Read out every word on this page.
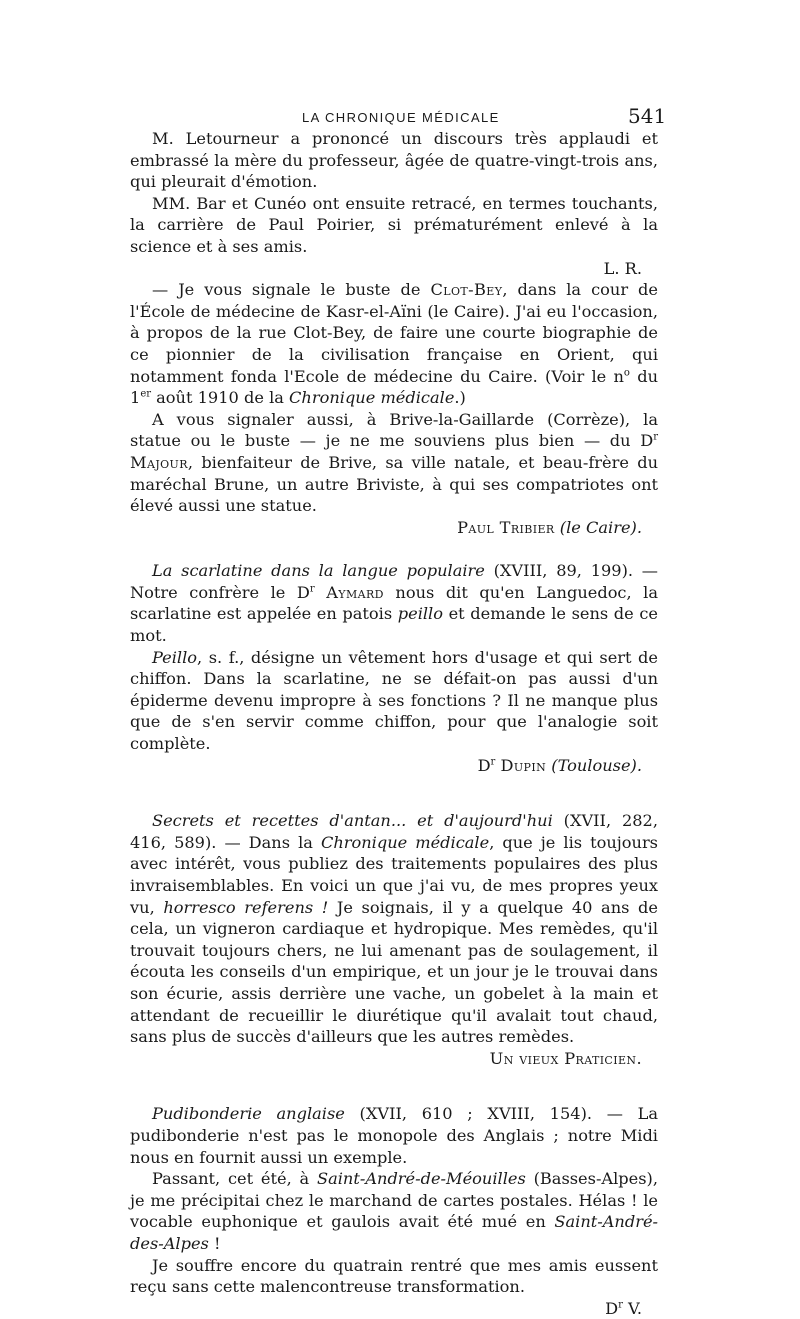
LA CHRONIQUE MÉDICALE	541

M. Letourneur a prononcé un discours très applaudi et embrassé la mère du professeur, âgée de quatre-vingt-trois ans, qui pleurait d'émotion.

MM. Bar et Cunéo ont ensuite retracé, en termes touchants, la carrière de Paul Poirier, si prématurément enlevé à la science et à ses amis.

L. R.

— Je vous signale le buste de Clot-Bey, dans la cour de l'École de médecine de Kasr-el-Aïni (le Caire). J'ai eu l'occasion, à propos de la rue Clot-Bey, de faire une courte biographie de ce pionnier de la civilisation française en Orient, qui notamment fonda l'Ecole de médecine du Caire. (Voir le $n^o$ du 1er août 1910 de la Chronique médicale.)

A vous signaler aussi, à Brive-la-Gaillarde (Corrèze), la statue ou le buste — je ne me souviens plus bien — du $D^r$ Majour, bienfaiteur de Brive, sa ville natale, et beau-frère du maréchal Brune, un autre Briviste, à qui ses compatriotes ont élevé aussi une statue.

Paul Tribier (le Caire).

La scarlatine dans la langue populaire (XVIII, 89, 199). — Notre confrère le $D^r$ Aymard nous dit qu'en Languedoc, la scarlatine est appelée en patois peillo et demande le sens de ce mot.

Peillo, s. f., désigne un vêtement hors d'usage et qui sert de chiffon. Dans la scarlatine, ne se défait-on pas aussi d'un épiderme devenu impropre à ses fonctions ? Il ne manque plus que de s'en servir comme chiffon, pour que l'analogie soit complète.

$D^r$ Dupin (Toulouse).

Secrets et recettes d'antan... et d'aujourd'hui (XVII, 282, 416, 589). — Dans la Chronique médicale, que je lis toujours avec intérêt, vous publiez des traitements populaires des plus invraisemblables. En voici un que j'ai vu, de mes propres yeux vu, horresco referens ! Je soignais, il y a quelque 40 ans de cela, un vigneron cardiaque et hydropique. Mes remèdes, qu'il trouvait toujours chers, ne lui amenant pas de soulagement, il écouta les conseils d'un empirique, et un jour je le trouvai dans son écurie, assis derrière une vache, un gobelet à la main et attendant de recueillir le diurétique qu'il avalait tout chaud, sans plus de succès d'ailleurs que les autres remèdes.

Un vieux Praticien.

Pudibonderie anglaise (XVII, 610 ; XVIII, 154). — La pudibonderie n'est pas le monopole des Anglais ; notre Midi nous en fournit aussi un exemple.

Passant, cet été, à Saint-André-de-Méouilles (Basses-Alpes), je me précipitai chez le marchand de cartes postales. Hélas ! le vocable euphonique et gaulois avait été mué en Saint-André-des-Alpes !

Je souffre encore du quatrain rentré que mes amis eussent reçu sans cette malencontreuse transformation.

$D^r$ V.
